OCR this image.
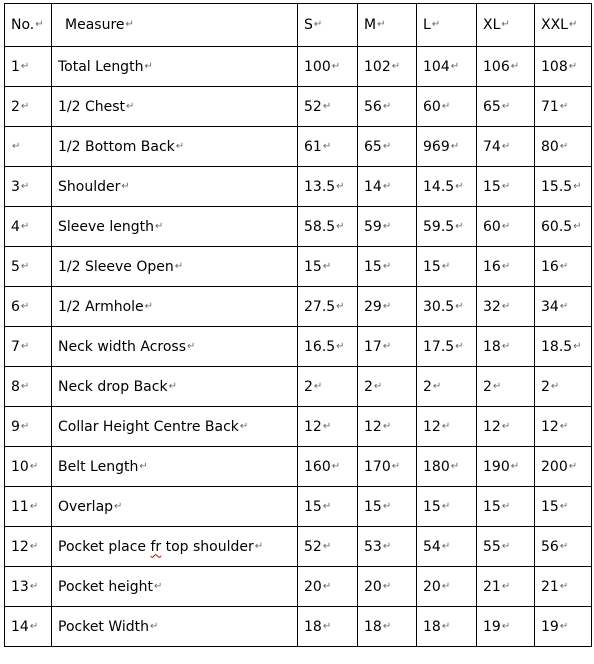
No.↵	Measure↵	S↵	M↵	L↵	XL↵	XXL↵
1↵	Total Length↵	100↵	102↵	104↵	106↵	108↵
2↵	1/2 Chest↵	52↵	56↵	60↵	65↵	71↵
↵	1/2 Bottom Back↵	61↵	65↵	969↵	74↵	80↵
3↵	Shoulder↵	13.5↵	14↵	14.5↵	15↵	15.5↵
4↵	Sleeve length↵	58.5↵	59↵	59.5↵	60↵	60.5↵
5↵	1/2 Sleeve Open↵	15↵	15↵	15↵	16↵	16↵
6↵	1/2 Armhole↵	27.5↵	29↵	30.5↵	32↵	34↵
7↵	Neck width Across↵	16.5↵	17↵	17.5↵	18↵	18.5↵
8↵	Neck drop Back↵	2↵	2↵	2↵	2↵	2↵
9↵	Collar Height Centre Back↵	12↵	12↵	12↵	12↵	12↵
10↵	Belt Length↵	160↵	170↵	180↵	190↵	200↵
11↵	Overlap↵	15↵	15↵	15↵	15↵	15↵
12↵	Pocket place fr top shoulder↵	52↵	53↵	54↵	55↵	56↵
13↵	Pocket height↵	20↵	20↵	20↵	21↵	21↵
14↵	Pocket Width↵	18↵	18↵	18↵	19↵	19↵
